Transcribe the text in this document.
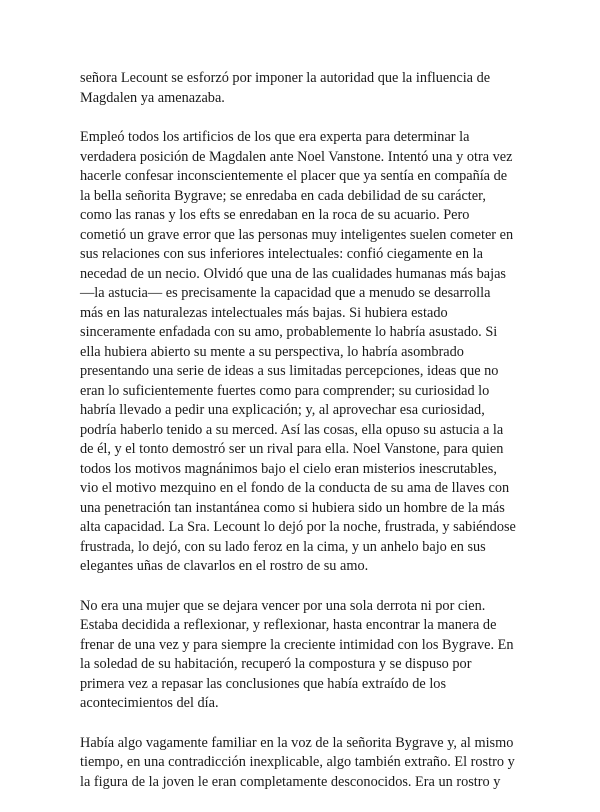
señora Lecount se esforzó por imponer la autoridad que la influencia de
Magdalen ya amenazaba.

Empleó todos los artificios de los que era experta para determinar la
verdadera posición de Magdalen ante Noel Vanstone. Intentó una y otra vez
hacerle confesar inconscientemente el placer que ya sentía en compañía de
la bella señorita Bygrave; se enredaba en cada debilidad de su carácter,
como las ranas y los efts se enredaban en la roca de su acuario. Pero
cometió un grave error que las personas muy inteligentes suelen cometer en
sus relaciones con sus inferiores intelectuales: confió ciegamente en la
necedad de un necio. Olvidó que una de las cualidades humanas más bajas
—la astucia— es precisamente la capacidad que a menudo se desarrolla
más en las naturalezas intelectuales más bajas. Si hubiera estado
sinceramente enfadada con su amo, probablemente lo habría asustado. Si
ella hubiera abierto su mente a su perspectiva, lo habría asombrado
presentando una serie de ideas a sus limitadas percepciones, ideas que no
eran lo suficientemente fuertes como para comprender; su curiosidad lo
habría llevado a pedir una explicación; y, al aprovechar esa curiosidad,
podría haberlo tenido a su merced. Así las cosas, ella opuso su astucia a la
de él, y el tonto demostró ser un rival para ella. Noel Vanstone, para quien
todos los motivos magnánimos bajo el cielo eran misterios inescrutables,
vio el motivo mezquino en el fondo de la conducta de su ama de llaves con
una penetración tan instantánea como si hubiera sido un hombre de la más
alta capacidad. La Sra. Lecount lo dejó por la noche, frustrada, y sabiéndose
frustrada, lo dejó, con su lado feroz en la cima, y un anhelo bajo en sus
elegantes uñas de clavarlos en el rostro de su amo.

No era una mujer que se dejara vencer por una sola derrota ni por cien.
Estaba decidida a reflexionar, y reflexionar, hasta encontrar la manera de
frenar de una vez y para siempre la creciente intimidad con los Bygrave. En
la soledad de su habitación, recuperó la compostura y se dispuso por
primera vez a repasar las conclusiones que había extraído de los
acontecimientos del día.

Había algo vagamente familiar en la voz de la señorita Bygrave y, al mismo
tiempo, en una contradicción inexplicable, algo también extraño. El rostro y
la figura de la joven le eran completamente desconocidos. Era un rostro y
